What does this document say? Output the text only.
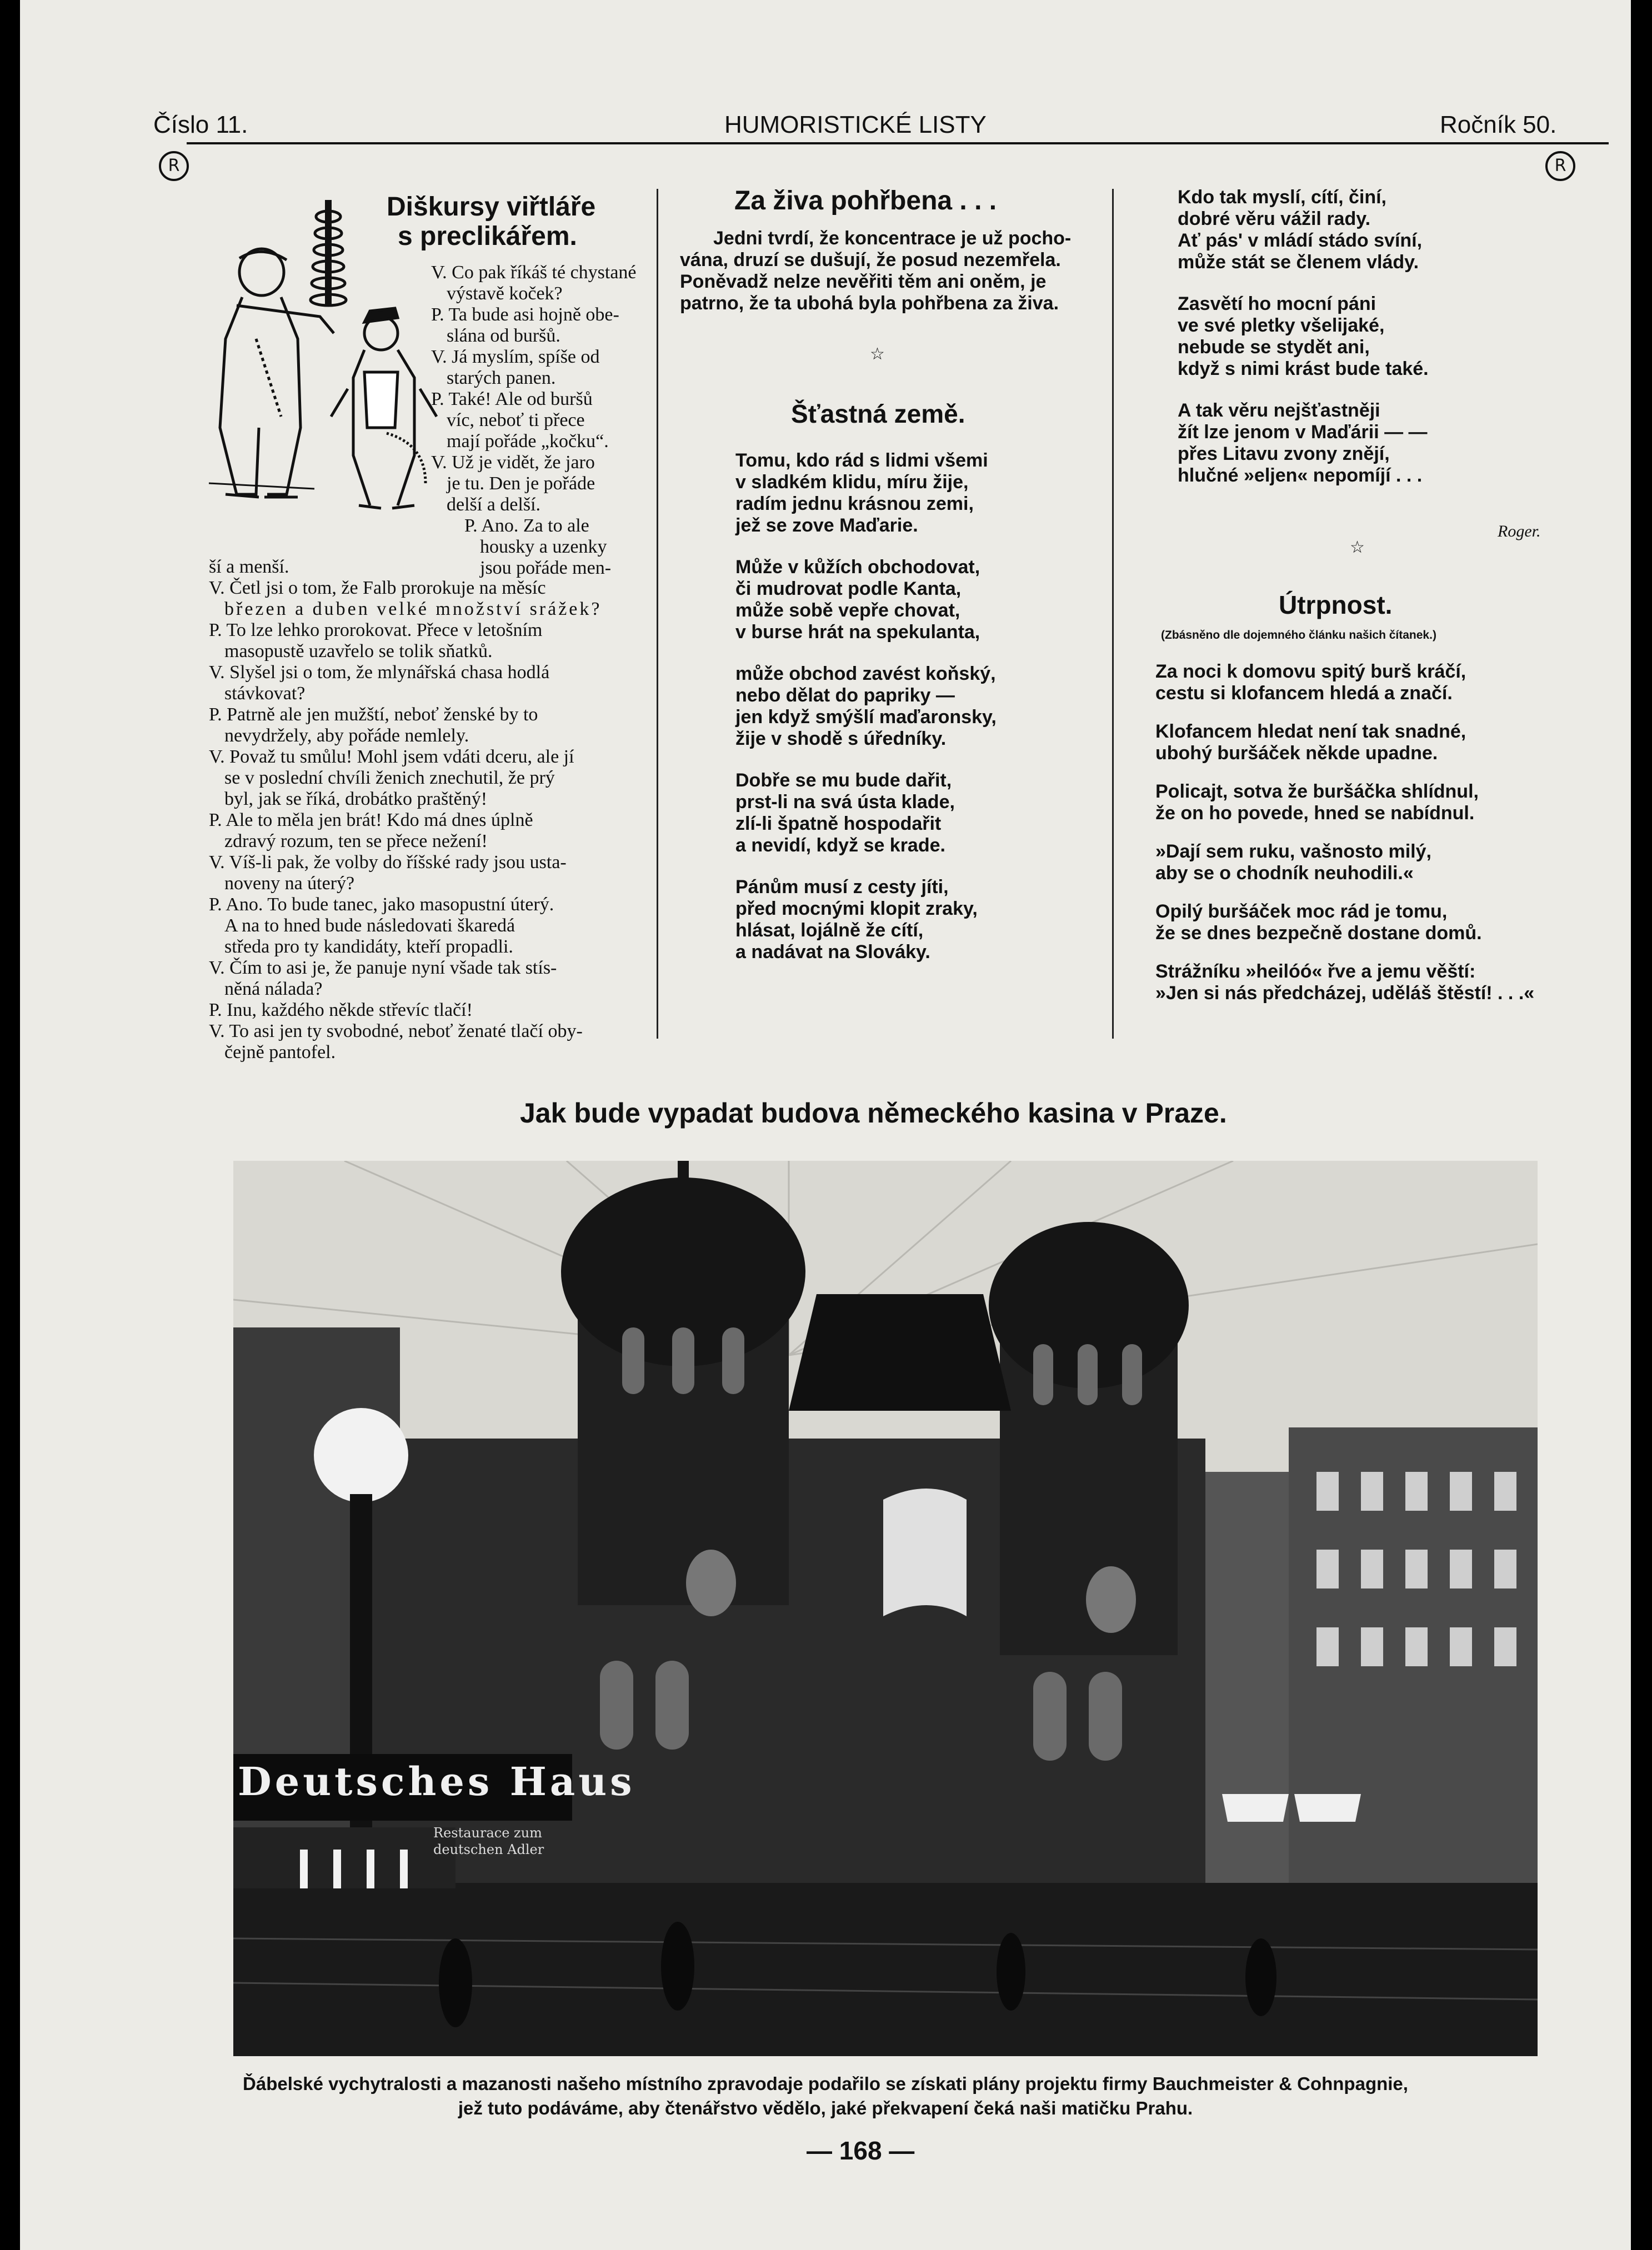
Číslo 11.	HUMORISTICKÉ LISTY	Ročník 50.
R	R
Diškursy viřtláře
s preclikářem.
V. Co pak říkáš té chystané
výstavě koček?
P. Ta bude asi hojně obe-
slána od buršů.
V. Já myslím, spíše od
starých panen.
P. Také! Ale od buršů
víc, neboť ti přece
mají pořáde „kočku“.
V. Už je vidět, že jaro
je tu. Den je pořáde
delší a delší.
P. Ano. Za to ale
housky a uzenky
jsou pořáde men-
ší a menší.
V. Četl jsi o tom, že Falb prorokuje na měsíc
březen a duben velké množství srážek?
P. To lze lehko prorokovat. Přece v letošním
masopustě uzavřelo se tolik sňatků.
V. Slyšel jsi o tom, že mlynářská chasa hodlá
stávkovat?
P. Patrně ale jen mužští, neboť ženské by to
nevydržely, aby pořáde nemlely.
V. Považ tu smůlu! Mohl jsem vdáti dceru, ale jí
se v poslední chvíli ženich znechutil, že prý
byl, jak se říká, drobátko praštěný!
P. Ale to měla jen brát! Kdo má dnes úplně
zdravý rozum, ten se přece nežení!
V. Víš-li pak, že volby do říšské rady jsou usta-
noveny na úterý?
P. Ano. To bude tanec, jako masopustní úterý.
A na to hned bude následovati škaredá
středa pro ty kandidáty, kteří propadli.
V. Čím to asi je, že panuje nyní všade tak stís-
něná nálada?
P. Inu, každého někde střevíc tlačí!
V. To asi jen ty svobodné, neboť ženaté tlačí oby-
čejně pantofel.
Za živa pohřbena . . .
Jedni tvrdí, že koncentrace je už pocho-
vána, druzí se dušují, že posud nezemřela.
Poněvadž nelze nevěřiti těm ani oněm, je
patrno, že ta ubohá byla pohřbena za živa.
☆
Šťastná země.
Tomu, kdo rád s lidmi všemi
v sladkém klidu, míru žije,
radím jednu krásnou zemi,
jež se zove Maďarie.
Může v kůžích obchodovat,
či mudrovat podle Kanta,
může sobě vepře chovat,
v burse hrát na spekulanta,
může obchod zavést koňský,
nebo dělat do papriky —
jen když smýšlí maďaronsky,
žije v shodě s úředníky.
Dobře se mu bude dařit,
prst-li na svá ústa klade,
zlí-li špatně hospodařit
a nevidí, když se krade.
Pánům musí z cesty jíti,
před mocnými klopit zraky,
hlásat, lojálně že cítí,
a nadávat na Slováky.
Kdo tak myslí, cítí, činí,
dobré věru vážil rady.
Ať pás' v mládí stádo svíní,
může stát se členem vlády.
Zasvětí ho mocní páni
ve své pletky všelijaké,
nebude se stydět ani,
když s nimi krást bude také.
A tak věru nejšťastněji
žít lze jenom v Maďárii — —
přes Litavu zvony znějí,
hlučné »eljen« nepomíjí . . .
Roger.
☆
Útrpnost.
(Zbásněno dle dojemného článku našich čítanek.)
Za noci k domovu spitý burš kráčí,
cestu si klofancem hledá a značí.
Klofancem hledat není tak snadné,
ubohý buršáček někde upadne.
Policajt, sotva že buršáčka shlídnul,
že on ho povede, hned se nabídnul.
»Dají sem ruku, vašnosto milý,
aby se o chodník neuhodili.«
Opilý buršáček moc rád je tomu,
že se dnes bezpečně dostane domů.
Strážníku »heilóó« řve a jemu věští:
»Jen si nás předcházej, uděláš štěstí! . . .«
Jak bude vypadat budova německého kasina v Praze.
Deutsches Haus
Restaurace zum
deutschen Adler
Ďábelské vychytralosti a mazanosti našeho místního zpravodaje podařilo se získati plány projektu firmy Bauchmeister & Cohnpagnie,
jež tuto podáváme, aby čtenářstvo vědělo, jaké překvapení čeká naši matičku Prahu.
— 168 —
